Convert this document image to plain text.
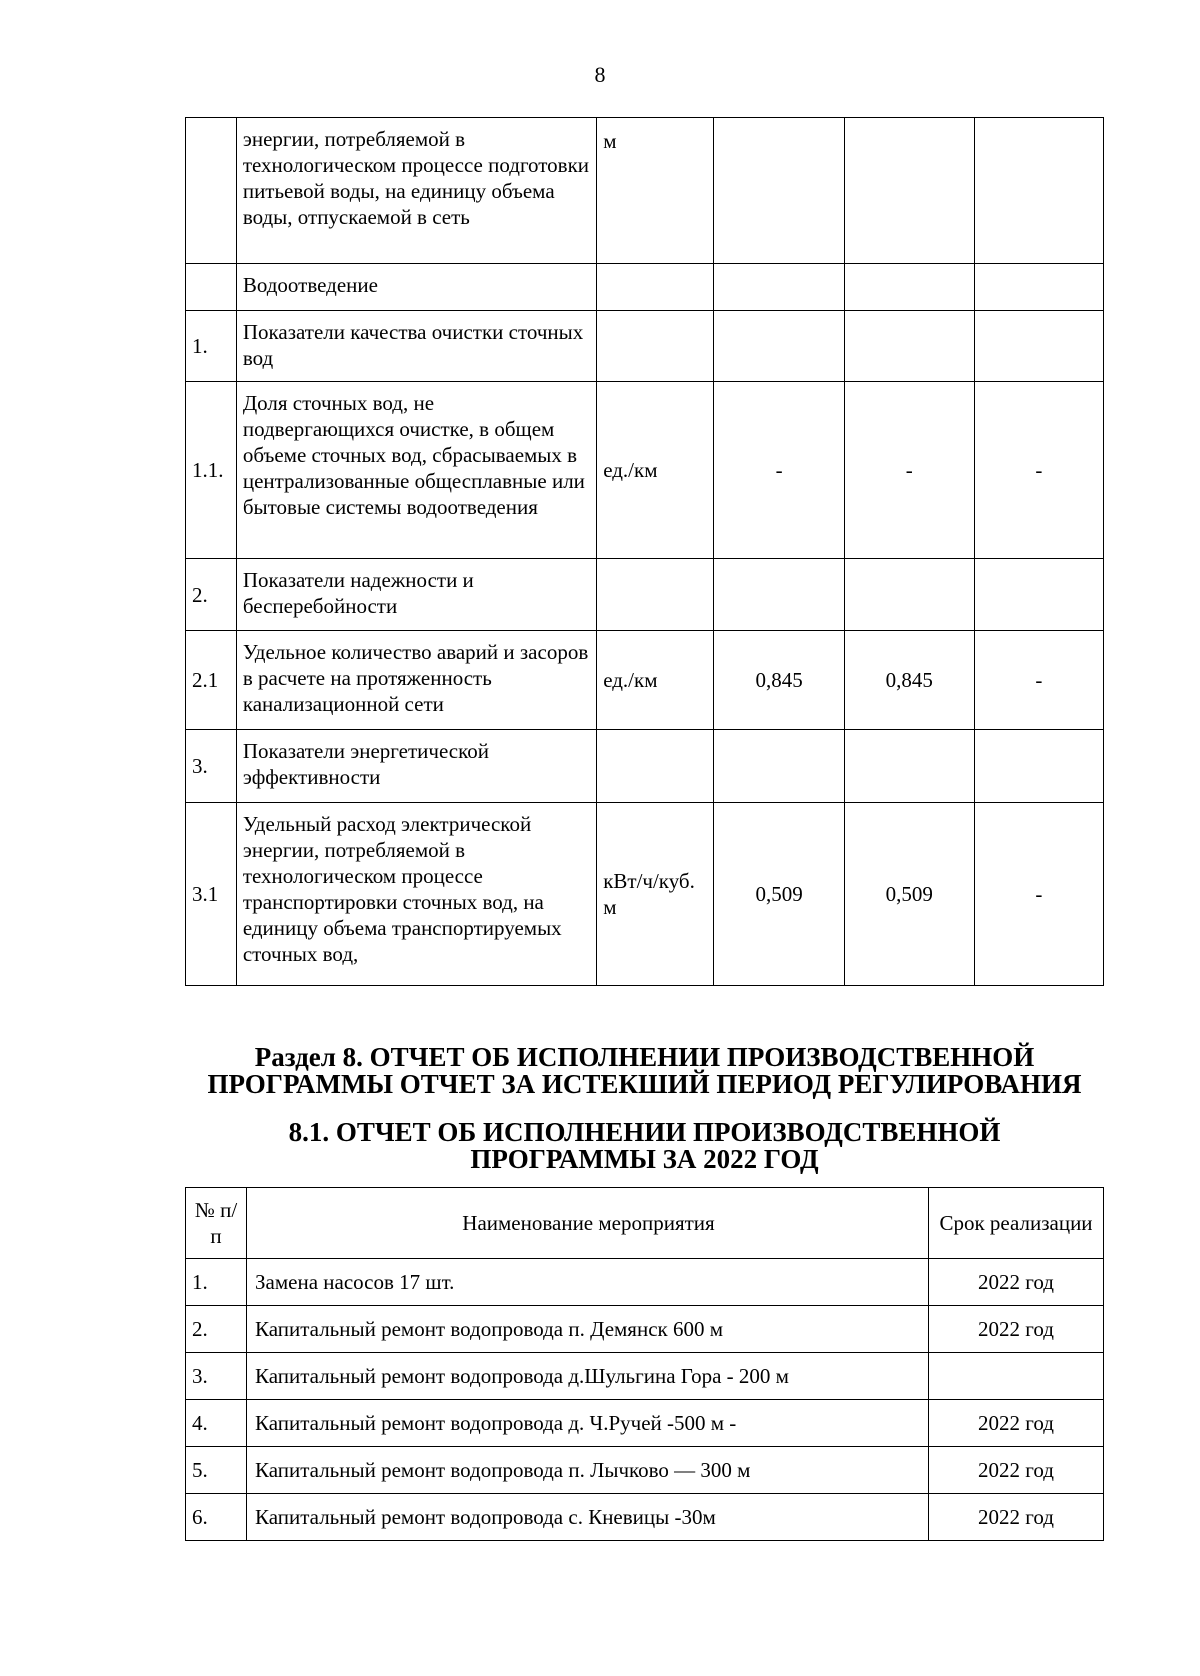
8
	энергии, потребляемой в технологическом процессе подготовки питьевой воды, на единицу объема воды, отпускаемой в сеть	м			
	Водоотведение				
1.	Показатели качества очистки сточных вод				
1.1.	Доля сточных вод, не подвергающихся очистке, в общем объеме сточных вод, сбрасываемых в централизованные общесплавные или бытовые системы водоотведения	ед./км	-	-	-
2.	Показатели надежности и бесперебойности				
2.1	Удельное количество аварий и засоров в расчете на протяженность канализационной сети	ед./км	0,845	0,845	-
3.	Показатели энергетической эффективности				
3.1	Удельный расход электрической энергии, потребляемой в технологическом процессе транспортировки сточных вод, на единицу объема транспортируемых сточных вод,	кВт/ч/куб. м	0,509	0,509	-
Раздел 8. ОТЧЕТ ОБ ИСПОЛНЕНИИ ПРОИЗВОДСТВЕННОЙ
ПРОГРАММЫ ОТЧЕТ ЗА ИСТЕКШИЙ ПЕРИОД РЕГУЛИРОВАНИЯ
8.1. ОТЧЕТ ОБ ИСПОЛНЕНИИ ПРОИЗВОДСТВЕННОЙ
ПРОГРАММЫ ЗА 2022 ГОД
№ п/п	Наименование мероприятия	Срок реализации
1.	Замена насосов 17 шт.	2022 год
2.	Капитальный ремонт водопровода п. Демянск 600 м	2022 год
3.	Капитальный ремонт водопровода д.Шульгина Гора - 200 м	
4.	Капитальный ремонт водопровода д. Ч.Ручей -500 м -	2022 год
5.	Капитальный ремонт водопровода п. Лычково — 300 м	2022 год
6.	Капитальный ремонт водопровода с. Кневицы -30м	2022 год
